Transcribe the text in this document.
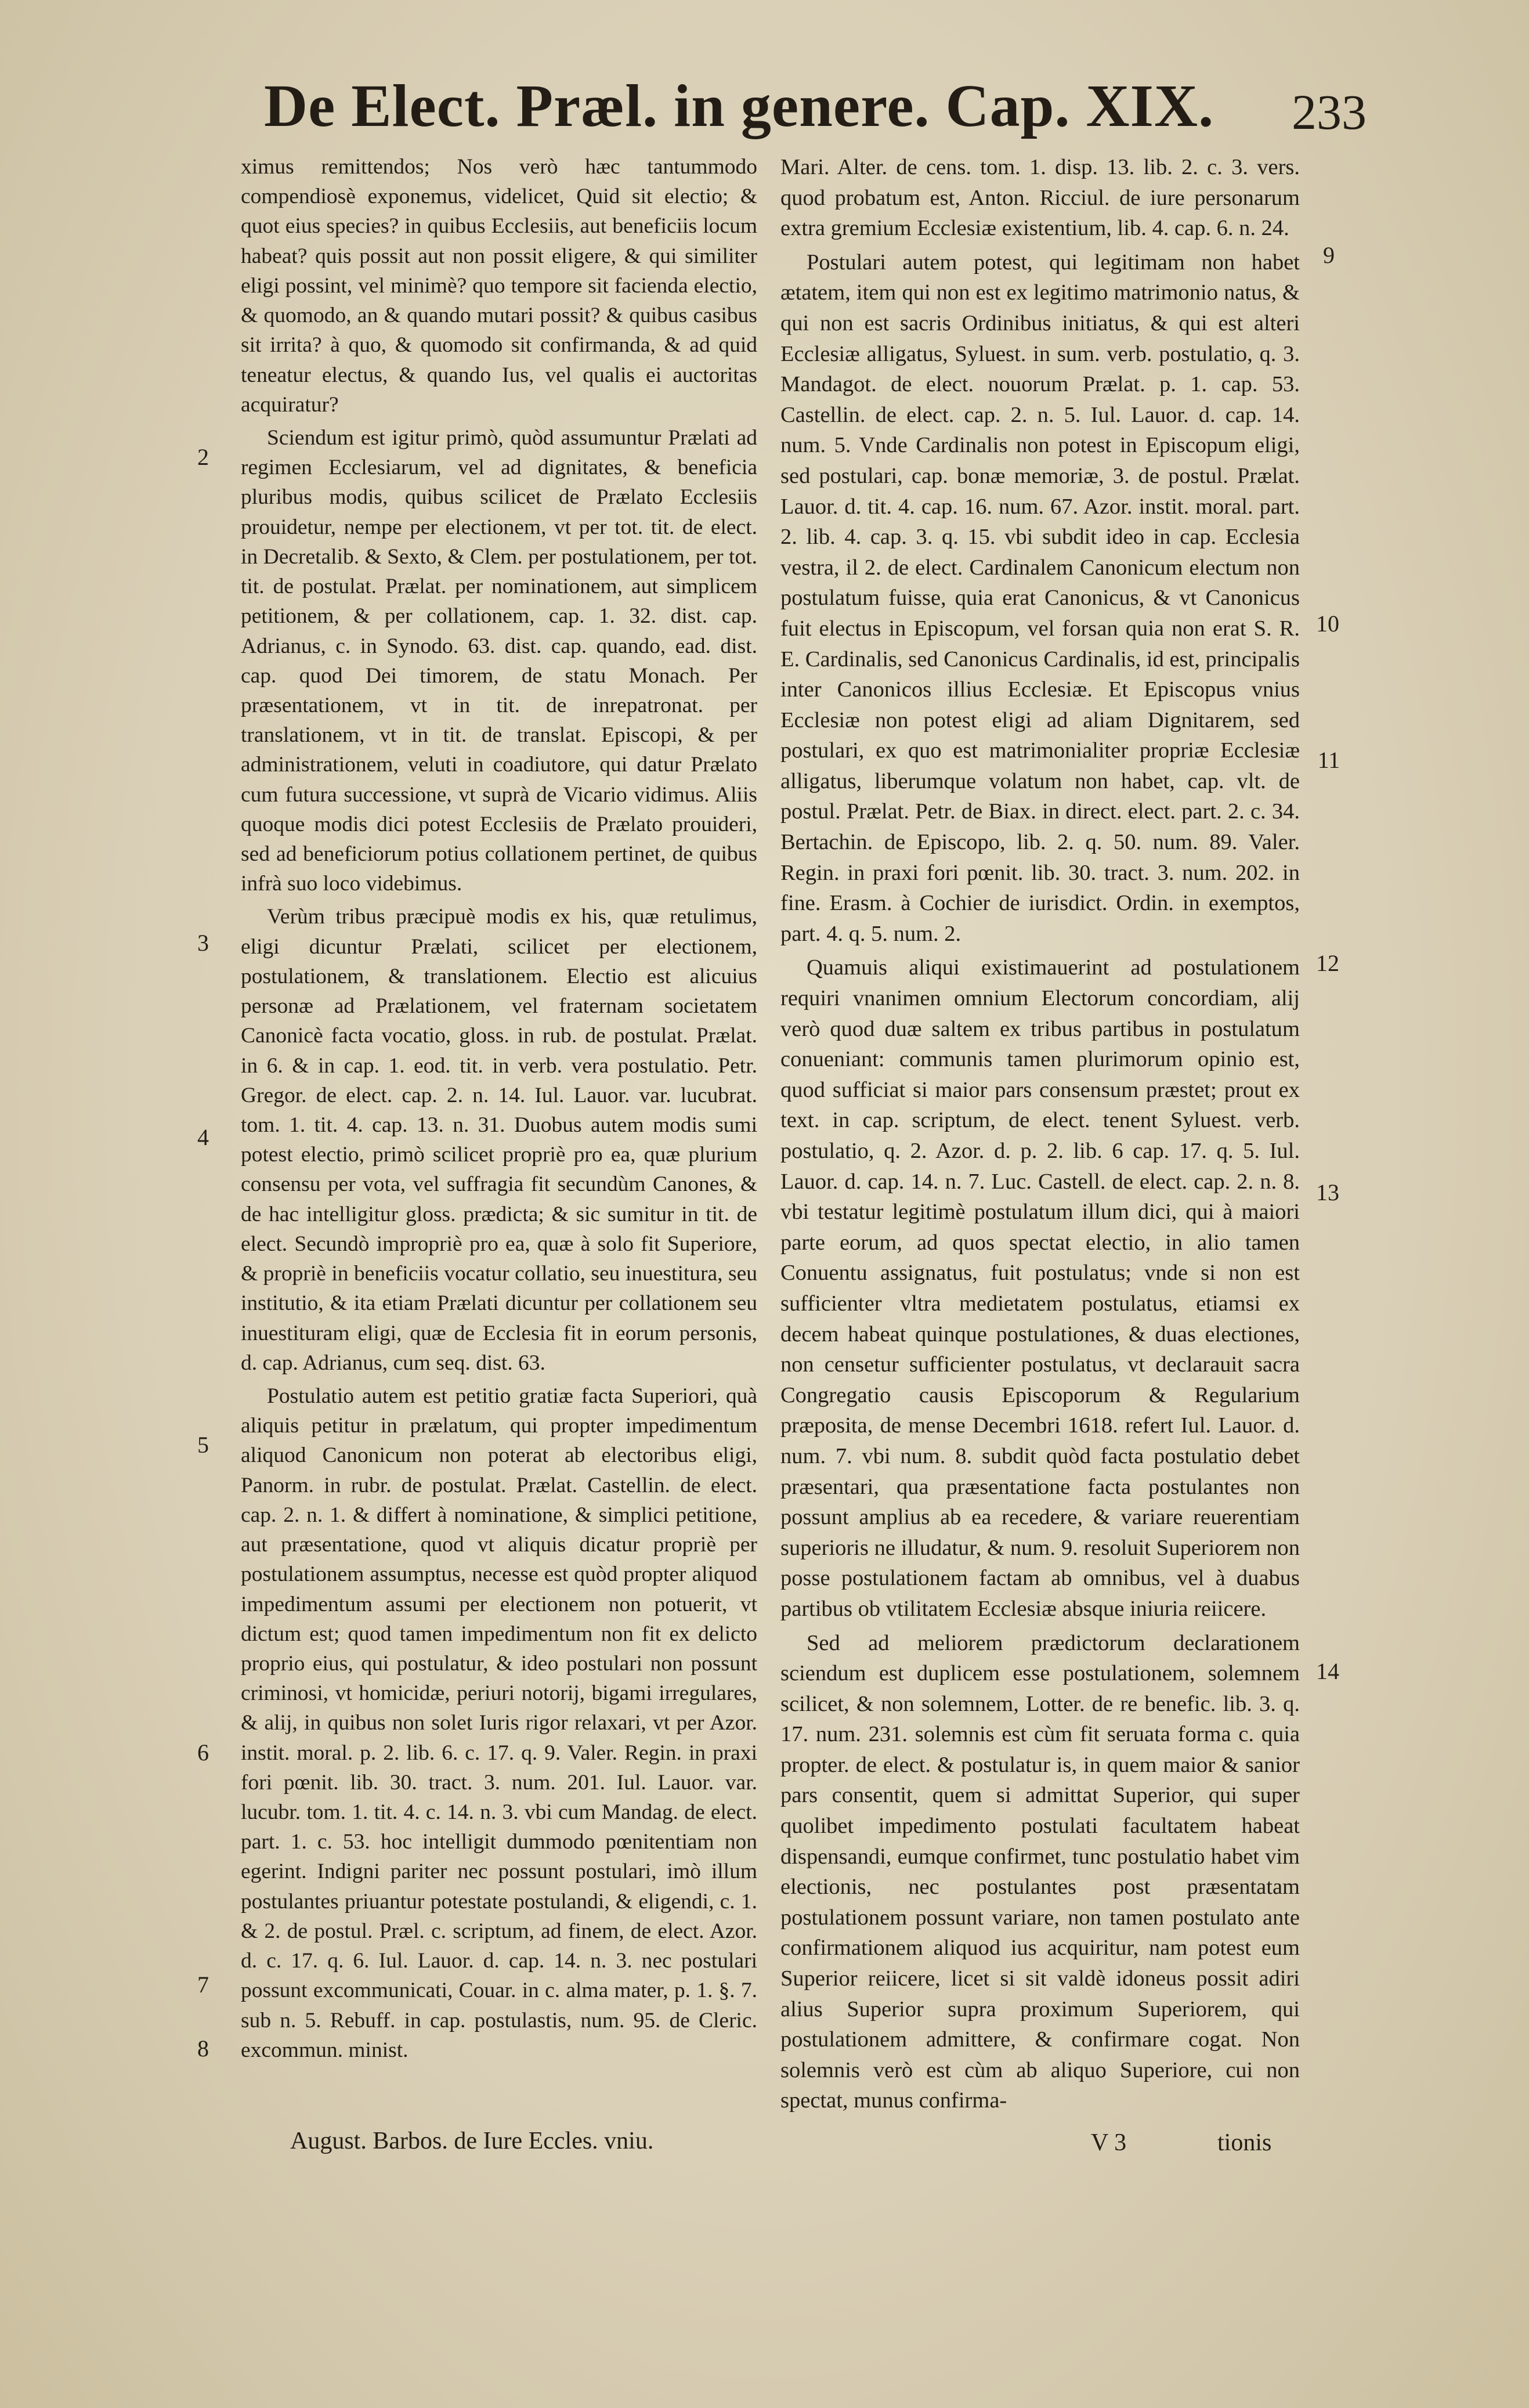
De Elect. Præl. in genere. Cap. XIX. 233

ximus remittendos; Nos verò hæc tantummodo compendiosè exponemus, videlicet, Quid sit electio; & quot eius species? in quibus Ecclesiis, aut beneficiis locum habeat? quis possit aut non possit eligere, & qui similiter eligi possint, vel minimè? quo tempore sit facienda electio, & quomodo, an & quando mutari possit? & quibus casibus sit irrita? à quo, & quomodo sit confirmanda, & ad quid teneatur electus, & quando Ius, vel qualis ei auctoritas acquiratur?

Sciendum est igitur primò, quòd assumuntur Prælati ad regimen Ecclesiarum, vel ad dignitates, & beneficia pluribus modis, quibus scilicet de Prælato Ecclesiis prouidetur, nempe per electionem, vt per tot. tit. de elect. in Decretalib. & Sexto, & Clem. per postulationem, per tot. tit. de postulat. Prælat. per nominationem, aut simplicem petitionem, & per collationem, cap. 1. 32. dist. cap. Adrianus, c. in Synodo. 63. dist. cap. quando, ead. dist. cap. quod Dei timorem, de statu Monach. Per præsentationem, vt in tit. de inrepatronat. per translationem, vt in tit. de translat. Episcopi, & per administrationem, veluti in coadiutore, qui datur Prælato cum futura successione, vt suprà de Vicario vidimus. Aliis quoque modis dici potest Ecclesiis de Prælato prouideri, sed ad beneficiorum potius collationem pertinet, de quibus infrà suo loco videbimus.

Verùm tribus præcipuè modis ex his, quæ retulimus, eligi dicuntur Prælati, scilicet per electionem, postulationem, & translationem. Electio est alicuius personæ ad Prælationem, vel fraternam societatem Canonicè facta vocatio, gloss. in rub. de postulat. Prælat. in 6. & in cap. 1. eod. tit. in verb. vera postulatio. Petr. Gregor. de elect. cap. 2. n. 14. Iul. Lauor. var. lucubrat. tom. 1. tit. 4. cap. 13. n. 31. Duobus autem modis sumi potest electio, primò scilicet propriè pro ea, quæ plurium consensu per vota, vel suffragia fit secundùm Canones, & de hac intelligitur gloss. prædicta; & sic sumitur in tit. de elect. Secundò impropriè pro ea, quæ à solo fit Superiore, & propriè in beneficiis vocatur collatio, seu inuestitura, seu institutio, & ita etiam Prælati dicuntur per collationem seu inuestituram eligi, quæ de Ecclesia fit in eorum personis, d. cap. Adrianus, cum seq. dist. 63.

Postulatio autem est petitio gratiæ facta Superiori, quà aliquis petitur in prælatum, qui propter impedimentum aliquod Canonicum non poterat ab electoribus eligi, Panorm. in rubr. de postulat. Prælat. Castellin. de elect. cap. 2. n. 1. & differt à nominatione, & simplici petitione, aut præsentatione, quod vt aliquis dicatur propriè per postulationem assumptus, necesse est quòd propter aliquod impedimentum assumi per electionem non potuerit, vt dictum est; quod tamen impedimentum non fit ex delicto proprio eius, qui postulatur, & ideo postulari non possunt criminosi, vt homicidæ, periuri notorij, bigami irregulares, & alij, in quibus non solet Iuris rigor relaxari, vt per Azor. instit. moral. p. 2. lib. 6. c. 17. q. 9. Valer. Regin. in praxi fori pœnit. lib. 30. tract. 3. num. 201. Iul. Lauor. var. lucubr. tom. 1. tit. 4. c. 14. n. 3. vbi cum Mandag. de elect. part. 1. c. 53. hoc intelligit dummodo pœnitentiam non egerint. Indigni pariter nec possunt postulari, imò illum postulantes priuantur potestate postulandi, & eligendi, c. 1. & 2. de postul. Præl. c. scriptum, ad finem, de elect. Azor. d. c. 17. q. 6. Iul. Lauor. d. cap. 14. n. 3. nec postulari possunt excommunicati, Couar. in c. alma mater, p. 1. §. 7. sub n. 5. Rebuff. in cap. postulastis, num. 95. de Cleric. excommun. minist.

Mari. Alter. de cens. tom. 1. disp. 13. lib. 2. c. 3. vers. quod probatum est, Anton. Ricciul. de iure personarum extra gremium Ecclesiæ existentium, lib. 4. cap. 6. n. 24.

Postulari autem potest, qui legitimam non habet ætatem, item qui non est ex legitimo matrimonio natus, & qui non est sacris Ordinibus initiatus, & qui est alteri Ecclesiæ alligatus, Syluest. in sum. verb. postulatio, q. 3. Mandagot. de elect. nouorum Prælat. p. 1. cap. 53. Castellin. de elect. cap. 2. n. 5. Iul. Lauor. d. cap. 14. num. 5. Vnde Cardinalis non potest in Episcopum eligi, sed postulari, cap. bonæ memoriæ, 3. de postul. Prælat. Lauor. d. tit. 4. cap. 16. num. 67. Azor. instit. moral. part. 2. lib. 4. cap. 3. q. 15. vbi subdit ideo in cap. Ecclesia vestra, il 2. de elect. Cardinalem Canonicum electum non postulatum fuisse, quia erat Canonicus, & vt Canonicus fuit electus in Episcopum, vel forsan quia non erat S. R. E. Cardinalis, sed Canonicus Cardinalis, id est, principalis inter Canonicos illius Ecclesiæ. Et Episcopus vnius Ecclesiæ non potest eligi ad aliam Dignitarem, sed postulari, ex quo est matrimonialiter propriæ Ecclesiæ alligatus, liberumque volatum non habet, cap. vlt. de postul. Prælat. Petr. de Biax. in direct. elect. part. 2. c. 34. Bertachin. de Episcopo, lib. 2. q. 50. num. 89. Valer. Regin. in praxi fori pœnit. lib. 30. tract. 3. num. 202. in fine. Erasm. à Cochier de iurisdict. Ordin. in exemptos, part. 4. q. 5. num. 2.

Quamuis aliqui existimauerint ad postulationem requiri vnanimen omnium Electorum concordiam, alij verò quod duæ saltem ex tribus partibus in postulatum conueniant: communis tamen plurimorum opinio est, quod sufficiat si maior pars consensum præstet; prout ex text. in cap. scriptum, de elect. tenent Syluest. verb. postulatio, q. 2. Azor. d. p. 2. lib. 6 cap. 17. q. 5. Iul. Lauor. d. cap. 14. n. 7. Luc. Castell. de elect. cap. 2. n. 8. vbi testatur legitimè postulatum illum dici, qui à maiori parte eorum, ad quos spectat electio, in alio tamen Conuentu assignatus, fuit postulatus; vnde si non est sufficienter vltra medietatem postulatus, etiamsi ex decem habeat quinque postulationes, & duas electiones, non censetur sufficienter postulatus, vt declarauit sacra Congregatio causis Episcoporum & Regularium præposita, de mense Decembri 1618. refert Iul. Lauor. d. num. 7. vbi num. 8. subdit quòd facta postulatio debet præsentari, qua præsentatione facta postulantes non possunt amplius ab ea recedere, & variare reuerentiam superioris ne illudatur, & num. 9. resoluit Superiorem non posse postulationem factam ab omnibus, vel à duabus partibus ob vtilitatem Ecclesiæ absque iniuria reiicere.

Sed ad meliorem prædictorum declarationem sciendum est duplicem esse postulationem, solemnem scilicet, & non solemnem, Lotter. de re benefic. lib. 3. q. 17. num. 231. solemnis est cùm fit seruata forma c. quia propter. de elect. & postulatur is, in quem maior & sanior pars consentit, quem si admittat Superior, qui super quolibet impedimento postulati facultatem habeat dispensandi, eumque confirmet, tunc postulatio habet vim electionis, nec postulantes post præsentatam postulationem possunt variare, non tamen postulato ante confirmationem aliquod ius acquiritur, nam potest eum Superior reiicere, licet si sit valdè idoneus possit adiri alius Superior supra proximum Superiorem, qui postulationem admittere, & confirmare cogat. Non solemnis verò est cùm ab aliquo Superiore, cui non spectat, munus confirma-

2
3
4
5
6
7
8
9
10
11
12
13
14
August. Barbos. de Iure Eccles. vniu.	V 3	tionis
